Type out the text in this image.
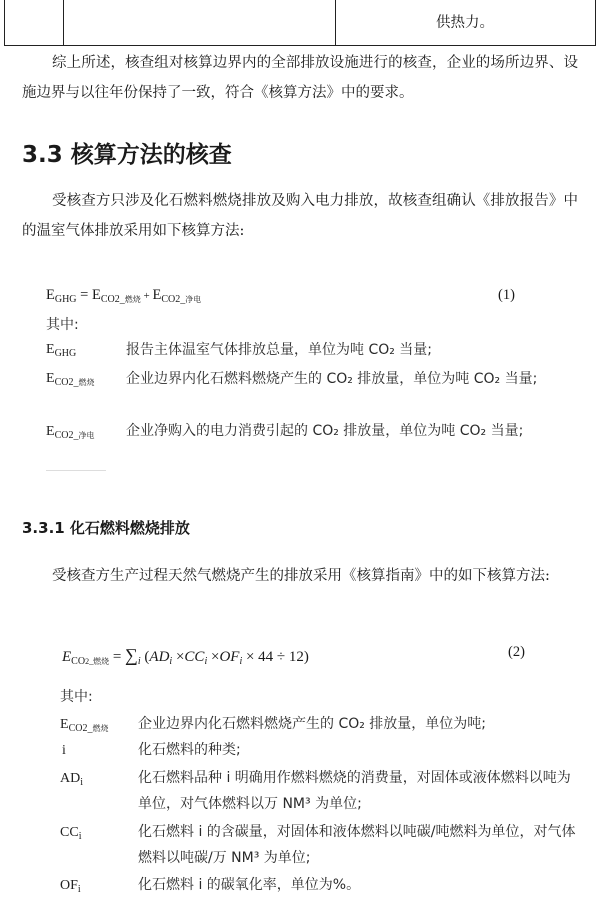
供热力。
综上所述，核查组对核算边界内的全部排放设施进行的核查，企业的场所边界、设施边界与以往年份保持了一致，符合《核算方法》中的要求。
3.3 核算方法的核查
受核查方只涉及化石燃料燃烧排放及购入电力排放，故核查组确认《排放报告》中的温室气体排放采用如下核算方法:
$E_{GHG} = E_{CO2\_燃烧} + E_{CO2\_净电}$	(1)
其中:
$E_{GHG}$	报告主体温室气体排放总量，单位为吨 CO₂ 当量;
$E_{CO2\_燃烧}$ 企业边界内化石燃料燃烧产生的 CO₂ 排放量，单位为吨 CO₂ 当量;
$E_{CO2\_净电}$ 企业净购入的电力消费引起的 CO₂ 排放量，单位为吨 CO₂ 当量;
3.3.1 化石燃料燃烧排放
受核查方生产过程天然气燃烧产生的排放采用《核算指南》中的如下核算方法:
$E_{CO2\_燃烧} = \sum_i$ $(AD_i \times CC_i \times OF_i \times 44 \div 12)$	(2)
其中:
$E_{CO2\_燃烧}$ 企业边界内化石燃料燃烧产生的 CO₂ 排放量，单位为吨;
i	化石燃料的种类;
$AD_i$	化石燃料品种 i 明确用作燃料燃烧的消费量，对固体或液体燃料以吨为单位，对气体燃料以万 NM³ 为单位;
$CC_i$	化石燃料 i 的含碳量，对固体和液体燃料以吨碳/吨燃料为单位，对气体燃料以吨碳/万 NM³ 为单位;
$OF_i$	化石燃料 i 的碳氧化率，单位为%。
